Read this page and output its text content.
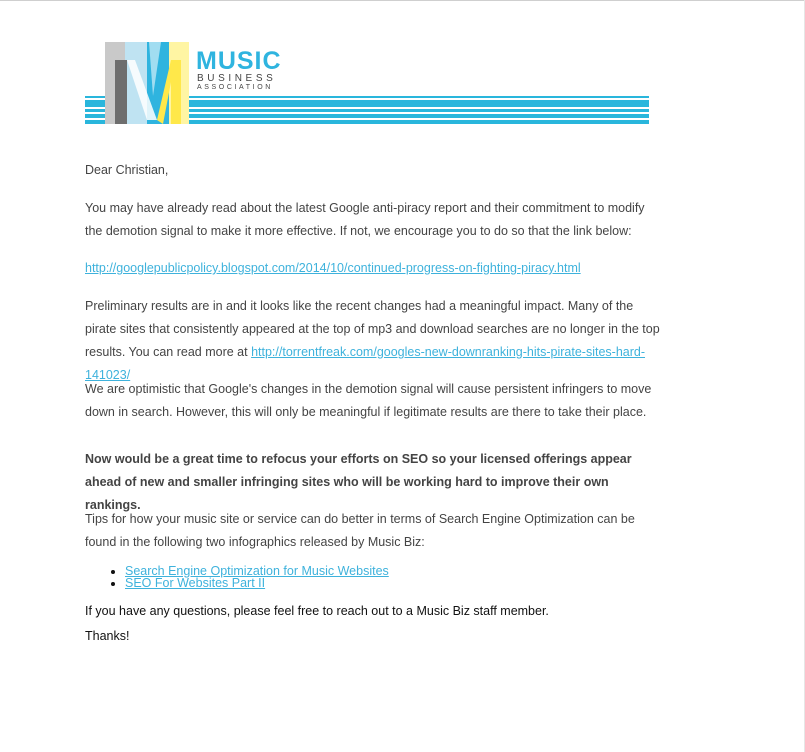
MUSIC
BUSINESS
ASSOCIATION

Dear Christian,

You may have already read about the latest Google anti-piracy report and their commitment to modify the demotion signal to make it more effective. If not, we encourage you to do so that the link below:

http://googlepublicpolicy.blogspot.com/2014/10/continued-progress-on-fighting-piracy.html

Preliminary results are in and it looks like the recent changes had a meaningful impact. Many of the pirate sites that consistently appeared at the top of mp3 and download searches are no longer in the top results. You can read more at http://torrentfreak.com/googles-new-downranking-hits-pirate-sites-hard-141023/

We are optimistic that Google's changes in the demotion signal will cause persistent infringers to move down in search. However, this will only be meaningful if legitimate results are there to take their place.

Now would be a great time to refocus your efforts on SEO so your licensed offerings appear ahead of new and smaller infringing sites who will be working hard to improve their own rankings.

Tips for how your music site or service can do better in terms of Search Engine Optimization can be found in the following two infographics released by Music Biz:

• Search Engine Optimization for Music Websites
• SEO For Websites Part II

If you have any questions, please feel free to reach out to a Music Biz staff member.

Thanks!
